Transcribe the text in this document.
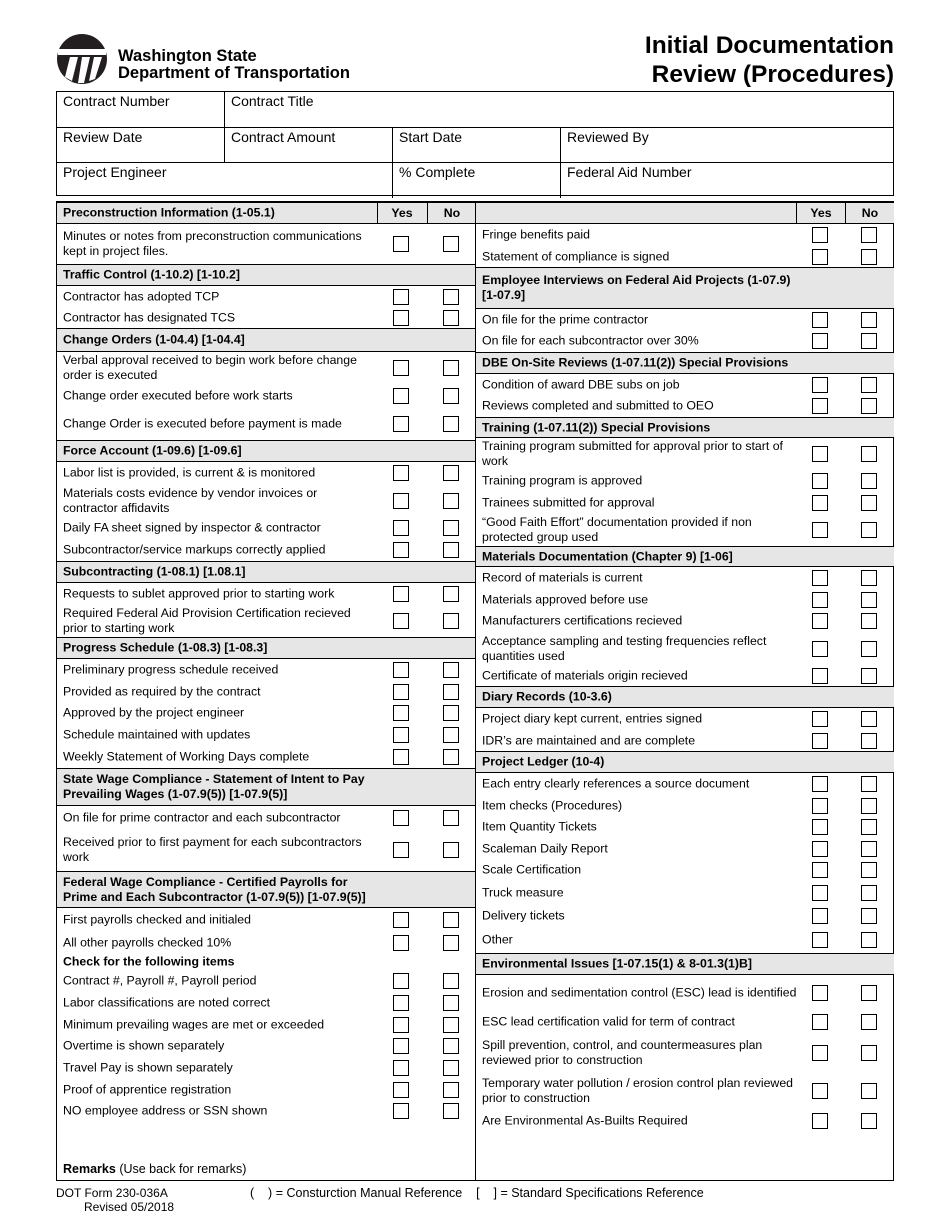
Washington State
Department of Transportation
Initial Documentation
Review (Procedures)
Contract Number	Contract Title
Review Date	Contract Amount	Start Date	Reviewed By
Project Engineer	% Complete	Federal Aid Number
Preconstruction Information (1-05.1)	Yes	No
Minutes or notes from preconstruction communications kept in project files.
Traffic Control (1-10.2) [1-10.2]
Contractor has adopted TCP
Contractor has designated TCS
Change Orders (1-04.4) [1-04.4]
Verbal approval received to begin work before change order is executed
Change order executed before work starts
Change Order is executed before payment is made
Force Account (1-09.6) [1-09.6]
Labor list is provided, is current & is monitored
Materials costs evidence by vendor invoices or contractor affidavits
Daily FA sheet signed by inspector & contractor
Subcontractor/service markups correctly applied
Subcontracting (1-08.1) [1.08.1]
Requests to sublet approved prior to starting work
Required Federal Aid Provision Certification recieved prior to starting work
Progress Schedule (1-08.3) [1-08.3]
Preliminary progress schedule received
Provided as required by the contract
Approved by the project engineer
Schedule maintained with updates
Weekly Statement of Working Days complete
State Wage Compliance - Statement of Intent to Pay Prevailing Wages (1-07.9(5)) [1-07.9(5)]
On file for prime contractor and each subcontractor
Received prior to first payment for each subcontractors work
Federal Wage Compliance - Certified Payrolls for Prime and Each Subcontractor (1-07.9(5)) [1-07.9(5)]
First payrolls checked and initialed
All other payrolls checked 10%
Check for the following items
Contract #, Payroll #, Payroll period
Labor classifications are noted correct
Minimum prevailing wages are met or exceeded
Overtime is shown separately
Travel Pay is shown separately
Proof of apprentice registration
NO employee address or SSN shown
Yes	No
Fringe benefits paid
Statement of compliance is signed
Employee Interviews on Federal Aid Projects (1-07.9) [1-07.9]
On file for the prime contractor
On file for each subcontractor over 30%
DBE On-Site Reviews (1-07.11(2)) Special Provisions
Condition of award DBE subs on job
Reviews completed and submitted to OEO
Training (1-07.11(2)) Special Provisions
Training program submitted for approval prior to start of work
Training program is approved
Trainees submitted for approval
“Good Faith Effort” documentation provided if non protected group used
Materials Documentation (Chapter 9) [1-06]
Record of materials is current
Materials approved before use
Manufacturers certifications recieved
Acceptance sampling and testing frequencies reflect quantities used
Certificate of materials origin recieved
Diary Records (10-3.6)
Project diary kept current, entries signed
IDR’s are maintained and are complete
Project Ledger (10-4)
Each entry clearly references a source document
Item checks (Procedures)
Item Quantity Tickets
Scaleman Daily Report
Scale Certification
Truck measure
Delivery tickets
Other
Environmental Issues [1-07.15(1) & 8-01.3(1)B]
Erosion and sedimentation control (ESC) lead is identified
ESC lead certification valid for term of contract
Spill prevention, control, and countermeasures plan reviewed prior to construction
Temporary water pollution / erosion control plan reviewed prior to construction
Are Environmental As-Builts Required
Remarks (Use back for remarks)
DOT Form 230-036A
Revised 05/2018
(    ) = Consturction Manual Reference    [    ] = Standard Specifications Reference
